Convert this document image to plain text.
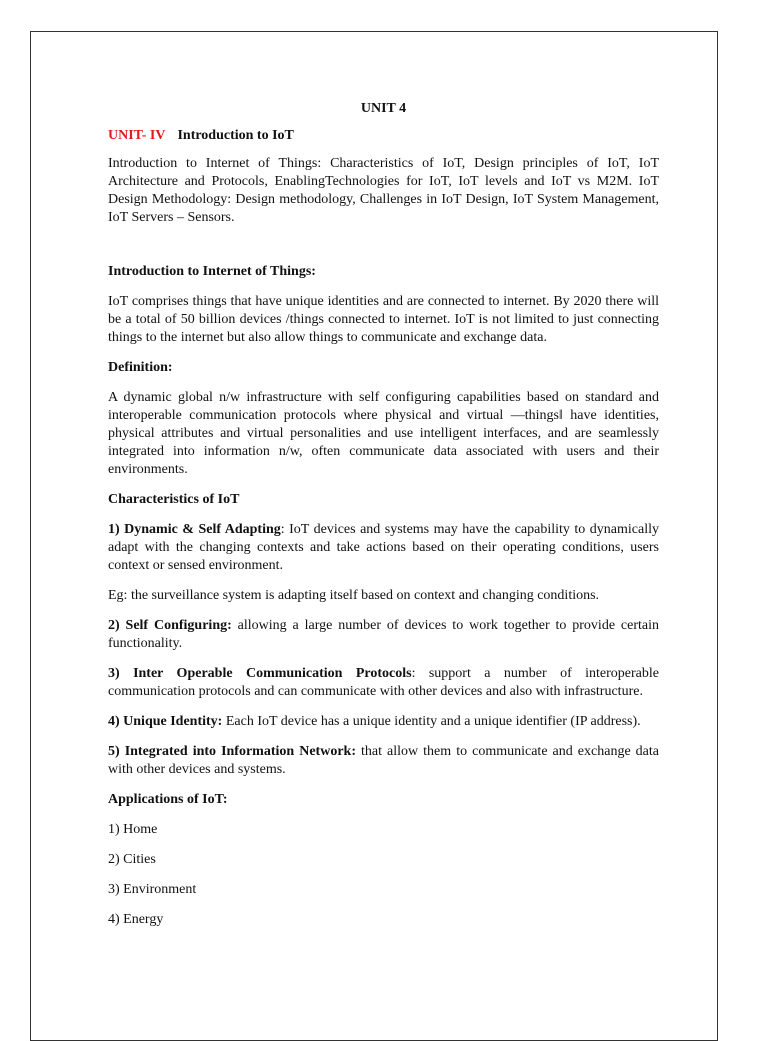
UNIT 4
UNIT- IV Introduction to IoT

Introduction to Internet of Things: Characteristics of IoT, Design principles of IoT, IoT Architecture and Protocols, EnablingTechnologies for IoT, IoT levels and IoT vs M2M. IoT Design Methodology: Design methodology, Challenges in IoT Design, IoT System Management, IoT Servers – Sensors.

Introduction to Internet of Things:

IoT comprises things that have unique identities and are connected to internet. By 2020 there will be a total of 50 billion devices /things connected to internet. IoT is not limited to just connecting things to the internet but also allow things to communicate and exchange data.

Definition:

A dynamic global n/w infrastructure with self configuring capabilities based on standard and interoperable communication protocols where physical and virtual ―things‖ have identities, physical attributes and virtual personalities and use intelligent interfaces, and are seamlessly integrated into information n/w, often communicate data associated with users and their environments.

Characteristics of IoT

1) Dynamic & Self Adapting: IoT devices and systems may have the capability to dynamically adapt with the changing contexts and take actions based on their operating conditions, users context or sensed environment.

Eg: the surveillance system is adapting itself based on context and changing conditions.

2) Self Configuring: allowing a large number of devices to work together to provide certain functionality.

3) Inter Operable Communication Protocols: support a number of interoperable communication protocols and can communicate with other devices and also with infrastructure.

4) Unique Identity: Each IoT device has a unique identity and a unique identifier (IP address).

5) Integrated into Information Network: that allow them to communicate and exchange data with other devices and systems.

Applications of IoT:
1) Home
2) Cities
3) Environment
4) Energy
